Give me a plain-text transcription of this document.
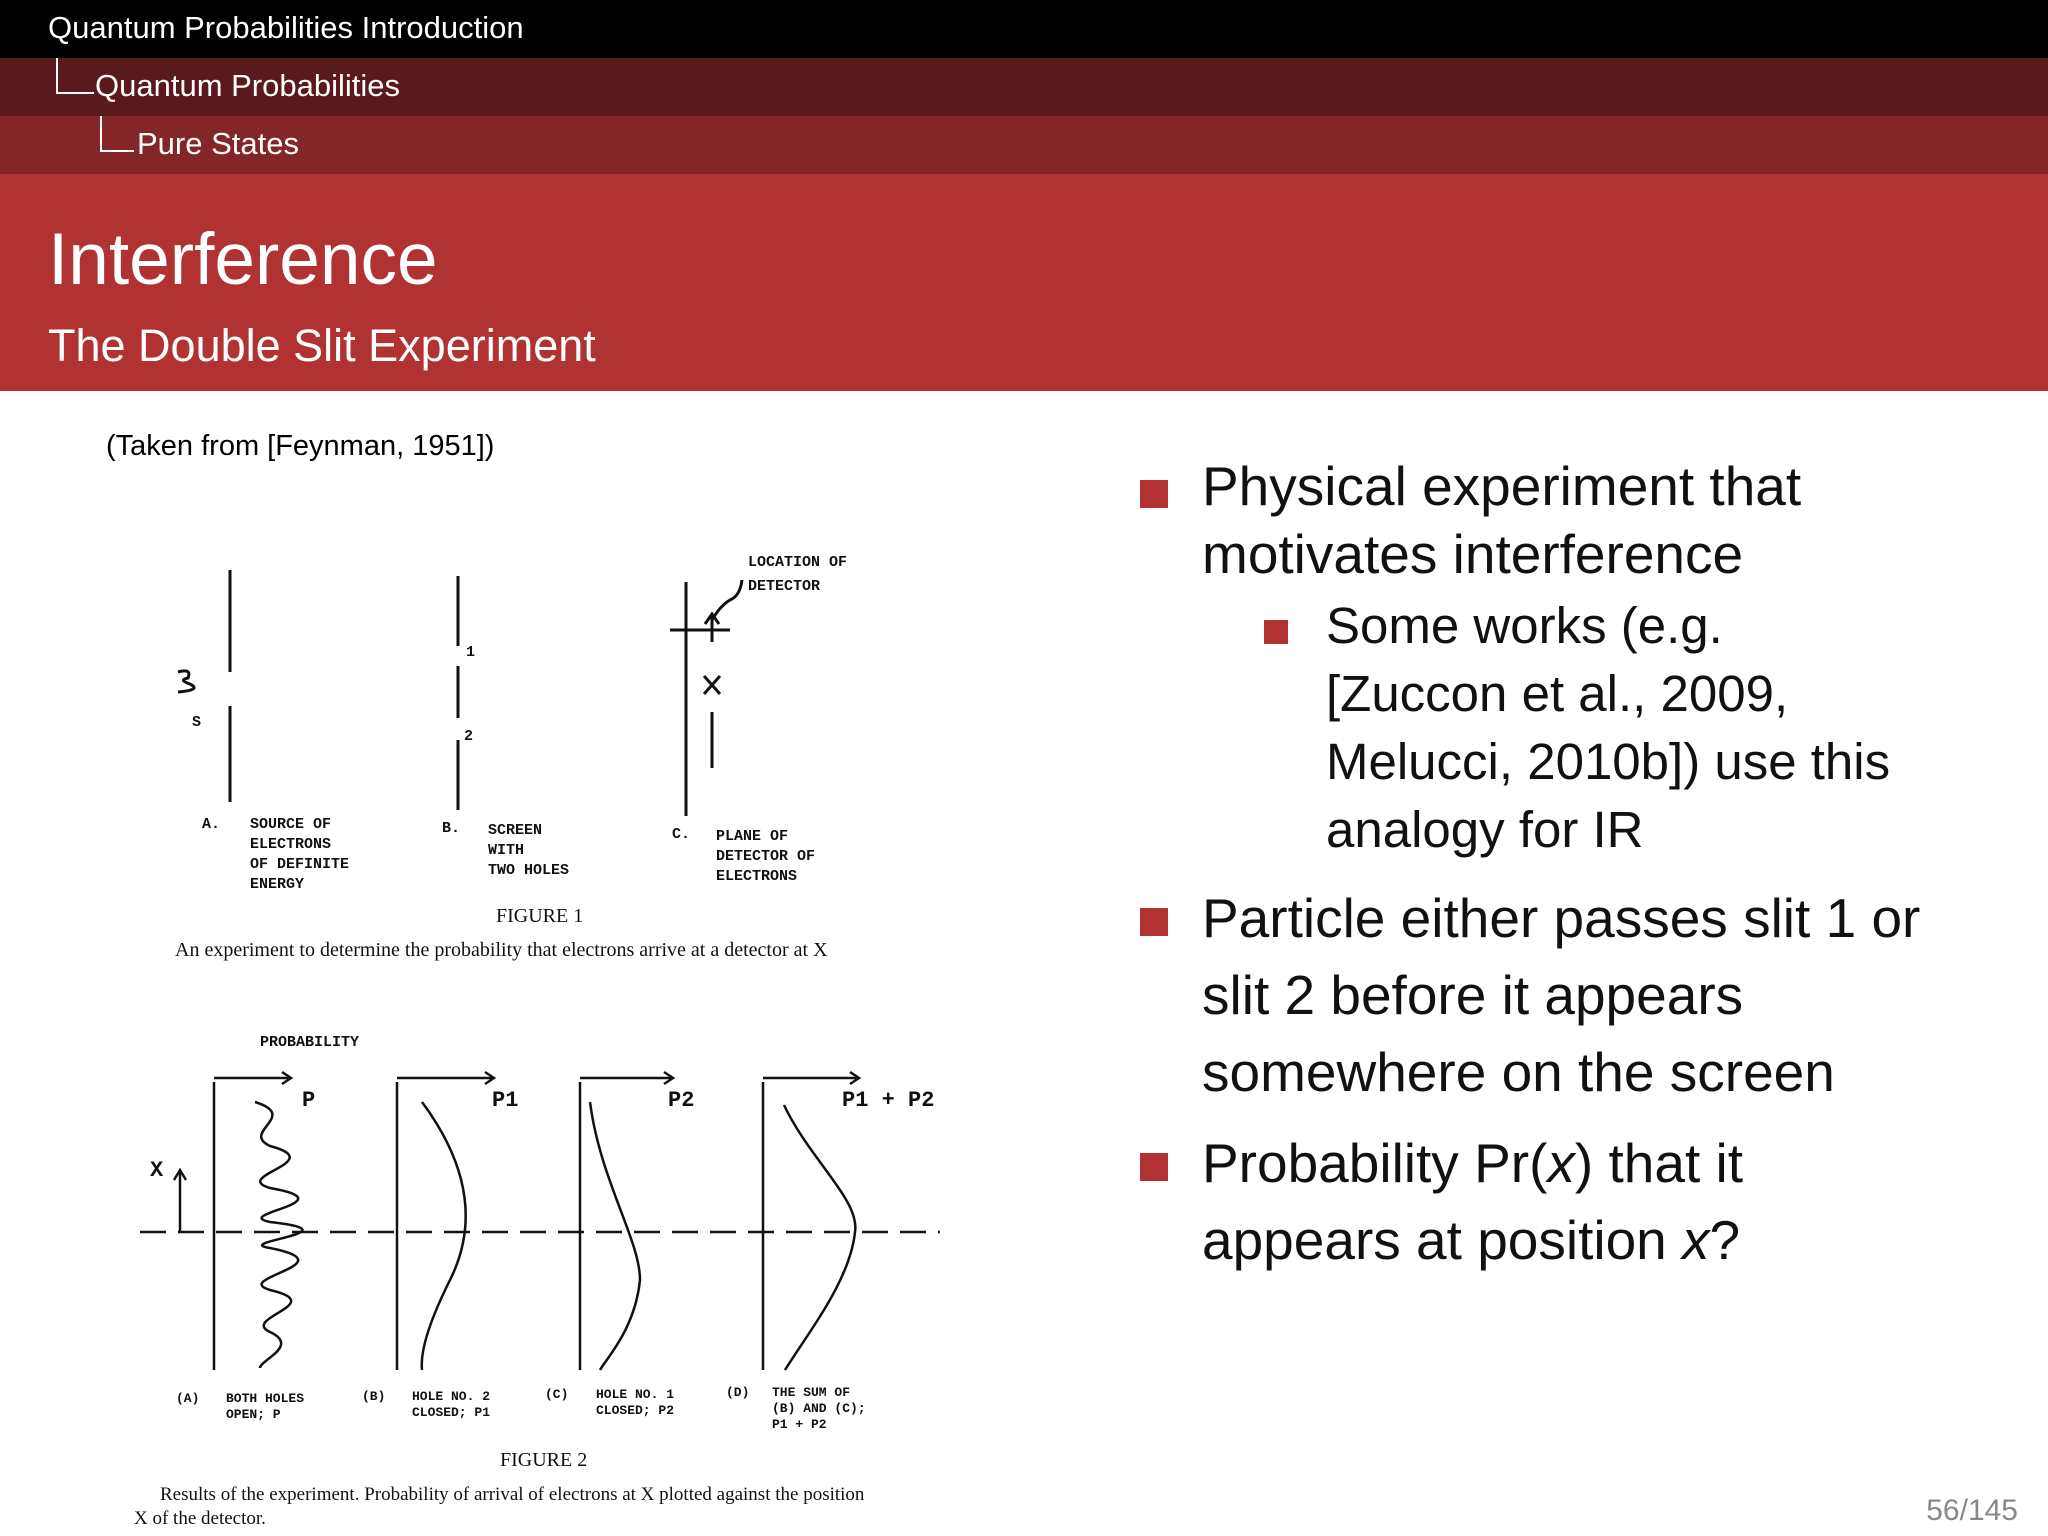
Quantum Probabilities Introduction
Quantum Probabilities
Pure States
Interference
The Double Slit Experiment
(Taken from [Feynman, 1951])
LOCATION OF
DETECTOR
S
1
2
A. SOURCE OF
ELECTRONS
OF DEFINITE
ENERGY
B. SCREEN
WITH
TWO HOLES
C. PLANE OF
DETECTOR OF
ELECTRONS
FIGURE 1
An experiment to determine the probability that electrons arrive at a detector at X
PROBABILITY
X
P	P1	P2	P1 + P2
(A) BOTH HOLES
OPEN; P
(B) HOLE NO. 2
CLOSED; P1
(C) HOLE NO. 1
CLOSED; P2
(D) THE SUM OF
(B) AND (C);
P1 + P2
FIGURE 2
Results of the experiment. Probability of arrival of electrons at X plotted against the position
X of the detector.
Physical experiment that
motivates interference
Some works (e.g.
[Zuccon et al., 2009,
Melucci, 2010b]) use this
analogy for IR
Particle either passes slit 1 or
slit 2 before it appears
somewhere on the screen
Probability Pr(x) that it
appears at position x?
56/145
